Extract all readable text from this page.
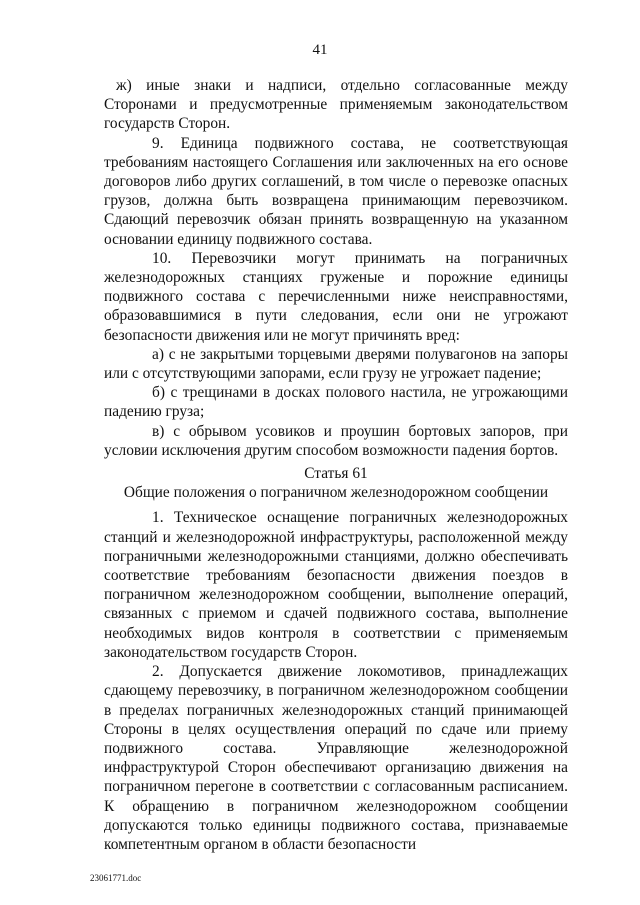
41

ж) иные знаки и надписи, отдельно согласованные между Сторонами и предусмотренные применяемым законодательством государств Сторон.

9. Единица подвижного состава, не соответствующая требованиям настоящего Соглашения или заключенных на его основе договоров либо других соглашений, в том числе о перевозке опасных грузов, должна быть возвращена принимающим перевозчиком. Сдающий перевозчик обязан принять возвращенную на указанном основании единицу подвижного состава.

10. Перевозчики могут принимать на пограничных железнодорожных станциях груженые и порожние единицы подвижного состава с перечисленными ниже неисправностями, образовавшимися в пути следования, если они не угрожают безопасности движения или не могут причинять вред:

а) с не закрытыми торцевыми дверями полувагонов на запоры или с отсутствующими запорами, если грузу не угрожает падение;

б) с трещинами в досках полового настила, не угрожающими падению груза;

в) с обрывом усовиков и проушин бортовых запоров, при условии исключения другим способом возможности падения бортов.

Статья 61
Общие положения о пограничном железнодорожном сообщении

1. Техническое оснащение пограничных железнодорожных станций и железнодорожной инфраструктуры, расположенной между пограничными железнодорожными станциями, должно обеспечивать соответствие требованиям безопасности движения поездов в пограничном железнодорожном сообщении, выполнение операций, связанных с приемом и сдачей подвижного состава, выполнение необходимых видов контроля в соответствии с применяемым законодательством государств Сторон.

2. Допускается движение локомотивов, принадлежащих сдающему перевозчику, в пограничном железнодорожном сообщении в пределах пограничных железнодорожных станций принимающей Стороны в целях осуществления операций по сдаче или приему подвижного состава. Управляющие железнодорожной инфраструктурой Сторон обеспечивают организацию движения на пограничном перегоне в соответствии с согласованным расписанием. К обращению в пограничном железнодорожном сообщении допускаются только единицы подвижного состава, признаваемые компетентным органом в области безопасности

23061771.doc
